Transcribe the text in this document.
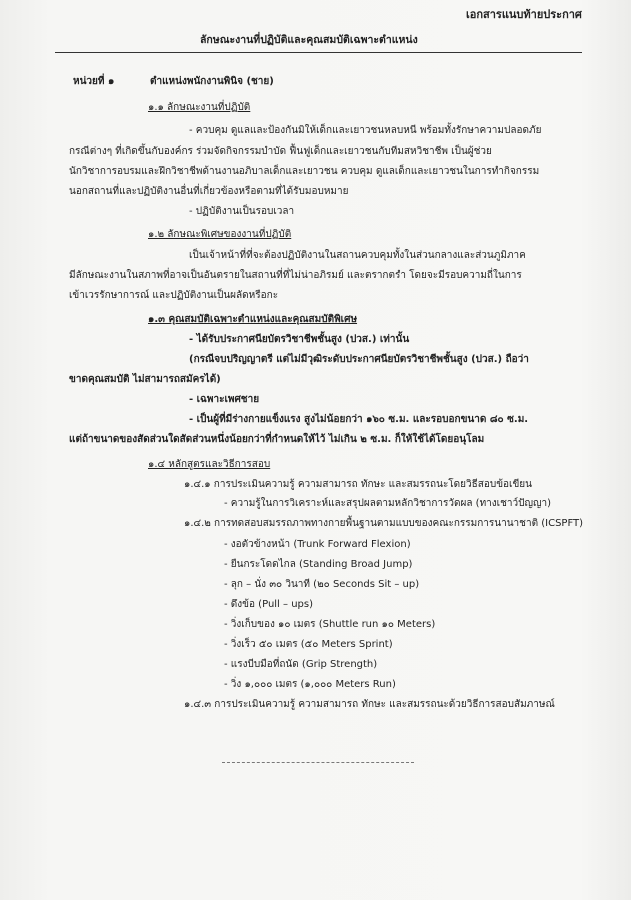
เอกสารแนบท้ายประกาศ
ลักษณะงานที่ปฏิบัติและคุณสมบัติเฉพาะตำแหน่ง
หน่วยที่ ๑	ตำแหน่งพนักงานพินิจ (ชาย)
๑.๑ ลักษณะงานที่ปฏิบัติ
- ควบคุม ดูแลและป้องกันมิให้เด็กและเยาวชนหลบหนี พร้อมทั้งรักษาความปลอดภัย
กรณีต่างๆ ที่เกิดขึ้นกับองค์กร ร่วมจัดกิจกรรมบำบัด ฟื้นฟูเด็กและเยาวชนกับทีมสหวิชาชีพ เป็นผู้ช่วย
นักวิชาการอบรมและฝึกวิชาชีพด้านงานอภิบาลเด็กและเยาวชน ควบคุม ดูแลเด็กและเยาวชนในการทำกิจกรรม
นอกสถานที่และปฏิบัติงานอื่นที่เกี่ยวข้องหรือตามที่ได้รับมอบหมาย
- ปฏิบัติงานเป็นรอบเวลา
๑.๒ ลักษณะพิเศษของงานที่ปฏิบัติ
เป็นเจ้าหน้าที่ที่จะต้องปฏิบัติงานในสถานควบคุมทั้งในส่วนกลางและส่วนภูมิภาค
มีลักษณะงานในสภาพที่อาจเป็นอันตรายในสถานที่ที่ไม่น่าอภิรมย์ และตรากตรำ โดยจะมีรอบความถี่ในการ
เข้าเวรรักษาการณ์ และปฏิบัติงานเป็นผลัดหรือกะ
๑.๓ คุณสมบัติเฉพาะตำแหน่งและคุณสมบัติพิเศษ
- ได้รับประกาศนียบัตรวิชาชีพชั้นสูง (ปวส.) เท่านั้น
(กรณีจบปริญญาตรี แต่ไม่มีวุฒิระดับประกาศนียบัตรวิชาชีพชั้นสูง (ปวส.) ถือว่า
ขาดคุณสมบัติ ไม่สามารถสมัครได้)
- เฉพาะเพศชาย
- เป็นผู้ที่มีร่างกายแข็งแรง สูงไม่น้อยกว่า ๑๖๐ ซ.ม. และรอบอกขนาด ๘๐ ซ.ม.
แต่ถ้าขนาดของสัดส่วนใดสัดส่วนหนึ่งน้อยกว่าที่กำหนดให้ไว้ ไม่เกิน ๒ ซ.ม. ก็ให้ใช้ได้โดยอนุโลม
๑.๔ หลักสูตรและวิธีการสอบ
๑.๔.๑ การประเมินความรู้ ความสามารถ ทักษะ และสมรรถนะโดยวิธีสอบข้อเขียน
- ความรู้ในการวิเคราะห์และสรุปผลตามหลักวิชาการวัดผล (ทางเชาว์ปัญญา)
๑.๔.๒ การทดสอบสมรรถภาพทางกายพื้นฐานตามแบบของคณะกรรมการนานาชาติ (ICSPFT)
- งอตัวข้างหน้า (Trunk Forward Flexion)
- ยืนกระโดดไกล (Standing Broad Jump)
- ลุก – นั่ง ๓๐ วินาที (๒๐ Seconds Sit – up)
- ดึงข้อ (Pull – ups)
- วิ่งเก็บของ ๑๐ เมตร (Shuttle run ๑๐ Meters)
- วิ่งเร็ว ๕๐ เมตร (๕๐ Meters Sprint)
- แรงบีบมือที่ถนัด (Grip Strength)
- วิ่ง ๑,๐๐๐ เมตร (๑,๐๐๐ Meters Run)
๑.๔.๓ การประเมินความรู้ ความสามารถ ทักษะ และสมรรถนะด้วยวิธีการสอบสัมภาษณ์
